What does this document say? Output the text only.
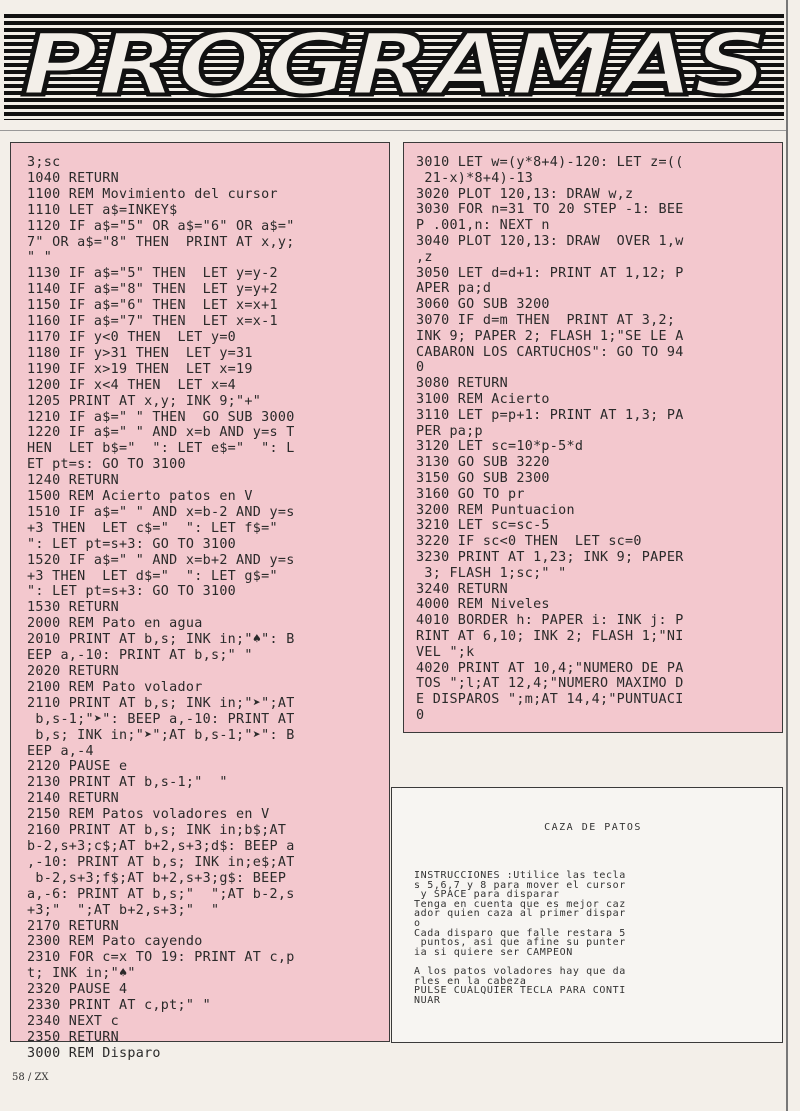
PROGRAMAS
3;sc
1040 RETURN
1100 REM Movimiento del cursor
1110 LET a$=INKEY$
1120 IF a$="5" OR a$="6" OR a$="
7" OR a$="8" THEN  PRINT AT x,y;
" "
1130 IF a$="5" THEN  LET y=y-2
1140 IF a$="8" THEN  LET y=y+2
1150 IF a$="6" THEN  LET x=x+1
1160 IF a$="7" THEN  LET x=x-1
1170 IF y<0 THEN  LET y=0
1180 IF y>31 THEN  LET y=31
1190 IF x>19 THEN  LET x=19
1200 IF x<4 THEN  LET x=4
1205 PRINT AT x,y; INK 9;"+"
1210 IF a$=" " THEN  GO SUB 3000
1220 IF a$=" " AND x=b AND y=s T
HEN  LET b$="  ": LET e$="  ": L
ET pt=s: GO TO 3100
1240 RETURN
1500 REM Acierto patos en V
1510 IF a$=" " AND x=b-2 AND y=s
+3 THEN  LET c$="  ": LET f$="
": LET pt=s+3: GO TO 3100
1520 IF a$=" " AND x=b+2 AND y=s
+3 THEN  LET d$="  ": LET g$="
": LET pt=s+3: GO TO 3100
1530 RETURN
2000 REM Pato en agua
2010 PRINT AT b,s; INK in;"♠": B
EEP a,-10: PRINT AT b,s;" "
2020 RETURN
2100 REM Pato volador
2110 PRINT AT b,s; INK in;"➤";AT
b,s-1;"➤": BEEP a,-10: PRINT AT
b,s; INK in;"➤";AT b,s-1;"➤": B
EEP a,-4
2120 PAUSE e
2130 PRINT AT b,s-1;"  "
2140 RETURN
2150 REM Patos voladores en V
2160 PRINT AT b,s; INK in;b$;AT
b-2,s+3;c$;AT b+2,s+3;d$: BEEP a
,-10: PRINT AT b,s; INK in;e$;AT
b-2,s+3;f$;AT b+2,s+3;g$: BEEP
a,-6: PRINT AT b,s;"  ";AT b-2,s
+3;"  ";AT b+2,s+3;"  "
2170 RETURN
2300 REM Pato cayendo
2310 FOR c=x TO 19: PRINT AT c,p
t; INK in;"♠"
2320 PAUSE 4
2330 PRINT AT c,pt;" "
2340 NEXT c
2350 RETURN
3000 REM Disparo
3010 LET w=(y*8+4)-120: LET z=((
21-x)*8+4)-13
3020 PLOT 120,13: DRAW w,z
3030 FOR n=31 TO 20 STEP -1: BEE
P .001,n: NEXT n
3040 PLOT 120,13: DRAW  OVER 1,w
,z
3050 LET d=d+1: PRINT AT 1,12; P
APER pa;d
3060 GO SUB 3200
3070 IF d=m THEN  PRINT AT 3,2;
INK 9; PAPER 2; FLASH 1;"SE LE A
CABARON LOS CARTUCHOS": GO TO 94
0
3080 RETURN
3100 REM Acierto
3110 LET p=p+1: PRINT AT 1,3; PA
PER pa;p
3120 LET sc=10*p-5*d
3130 GO SUB 3220
3150 GO SUB 2300
3160 GO TO pr
3200 REM Puntuacion
3210 LET sc=sc-5
3220 IF sc<0 THEN  LET sc=0
3230 PRINT AT 1,23; INK 9; PAPER
3; FLASH 1;sc;" "
3240 RETURN
4000 REM Niveles
4010 BORDER h: PAPER i: INK j: P
RINT AT 6,10; INK 2; FLASH 1;"NI
VEL ";k
4020 PRINT AT 10,4;"NUMERO DE PA
TOS ";l;AT 12,4;"NUMERO MAXIMO D
E DISPAROS ";m;AT 14,4;"PUNTUACI
0
CAZA DE PATOS
INSTRUCCIONES :Utilice las tecla
s 5,6,7 y 8 para mover el cursor
y SPACE para disparar
Tenga en cuenta que es mejor caz
ador quien caza al primer dispar
o
Cada disparo que falle restara 5
puntos, asi que afine su punter
ia si quiere ser CAMPEON

A los patos voladores hay que da
rles en la cabeza
PULSE CUALQUIER TECLA PARA CONTI
NUAR
58 / ZX
